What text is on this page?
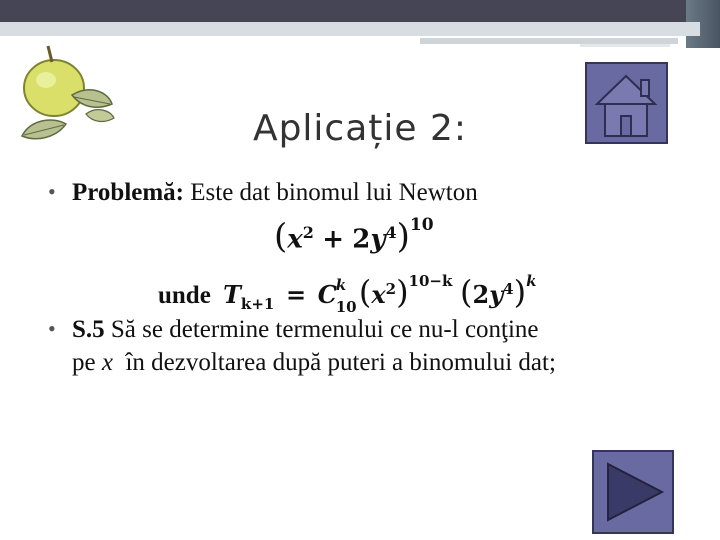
Aplicație 2:
• Problemă: Este dat binomul lui Newton
$(x^2 + 2y^4)^{10}$
unde $T_{k+1} = C$
k
10 $(x^2)^{10-k}$ $(2y^4)^k$
• S.5 Să se determine termenului ce nu-l conţine
pe x  în dezvoltarea după puteri a binomului dat;
